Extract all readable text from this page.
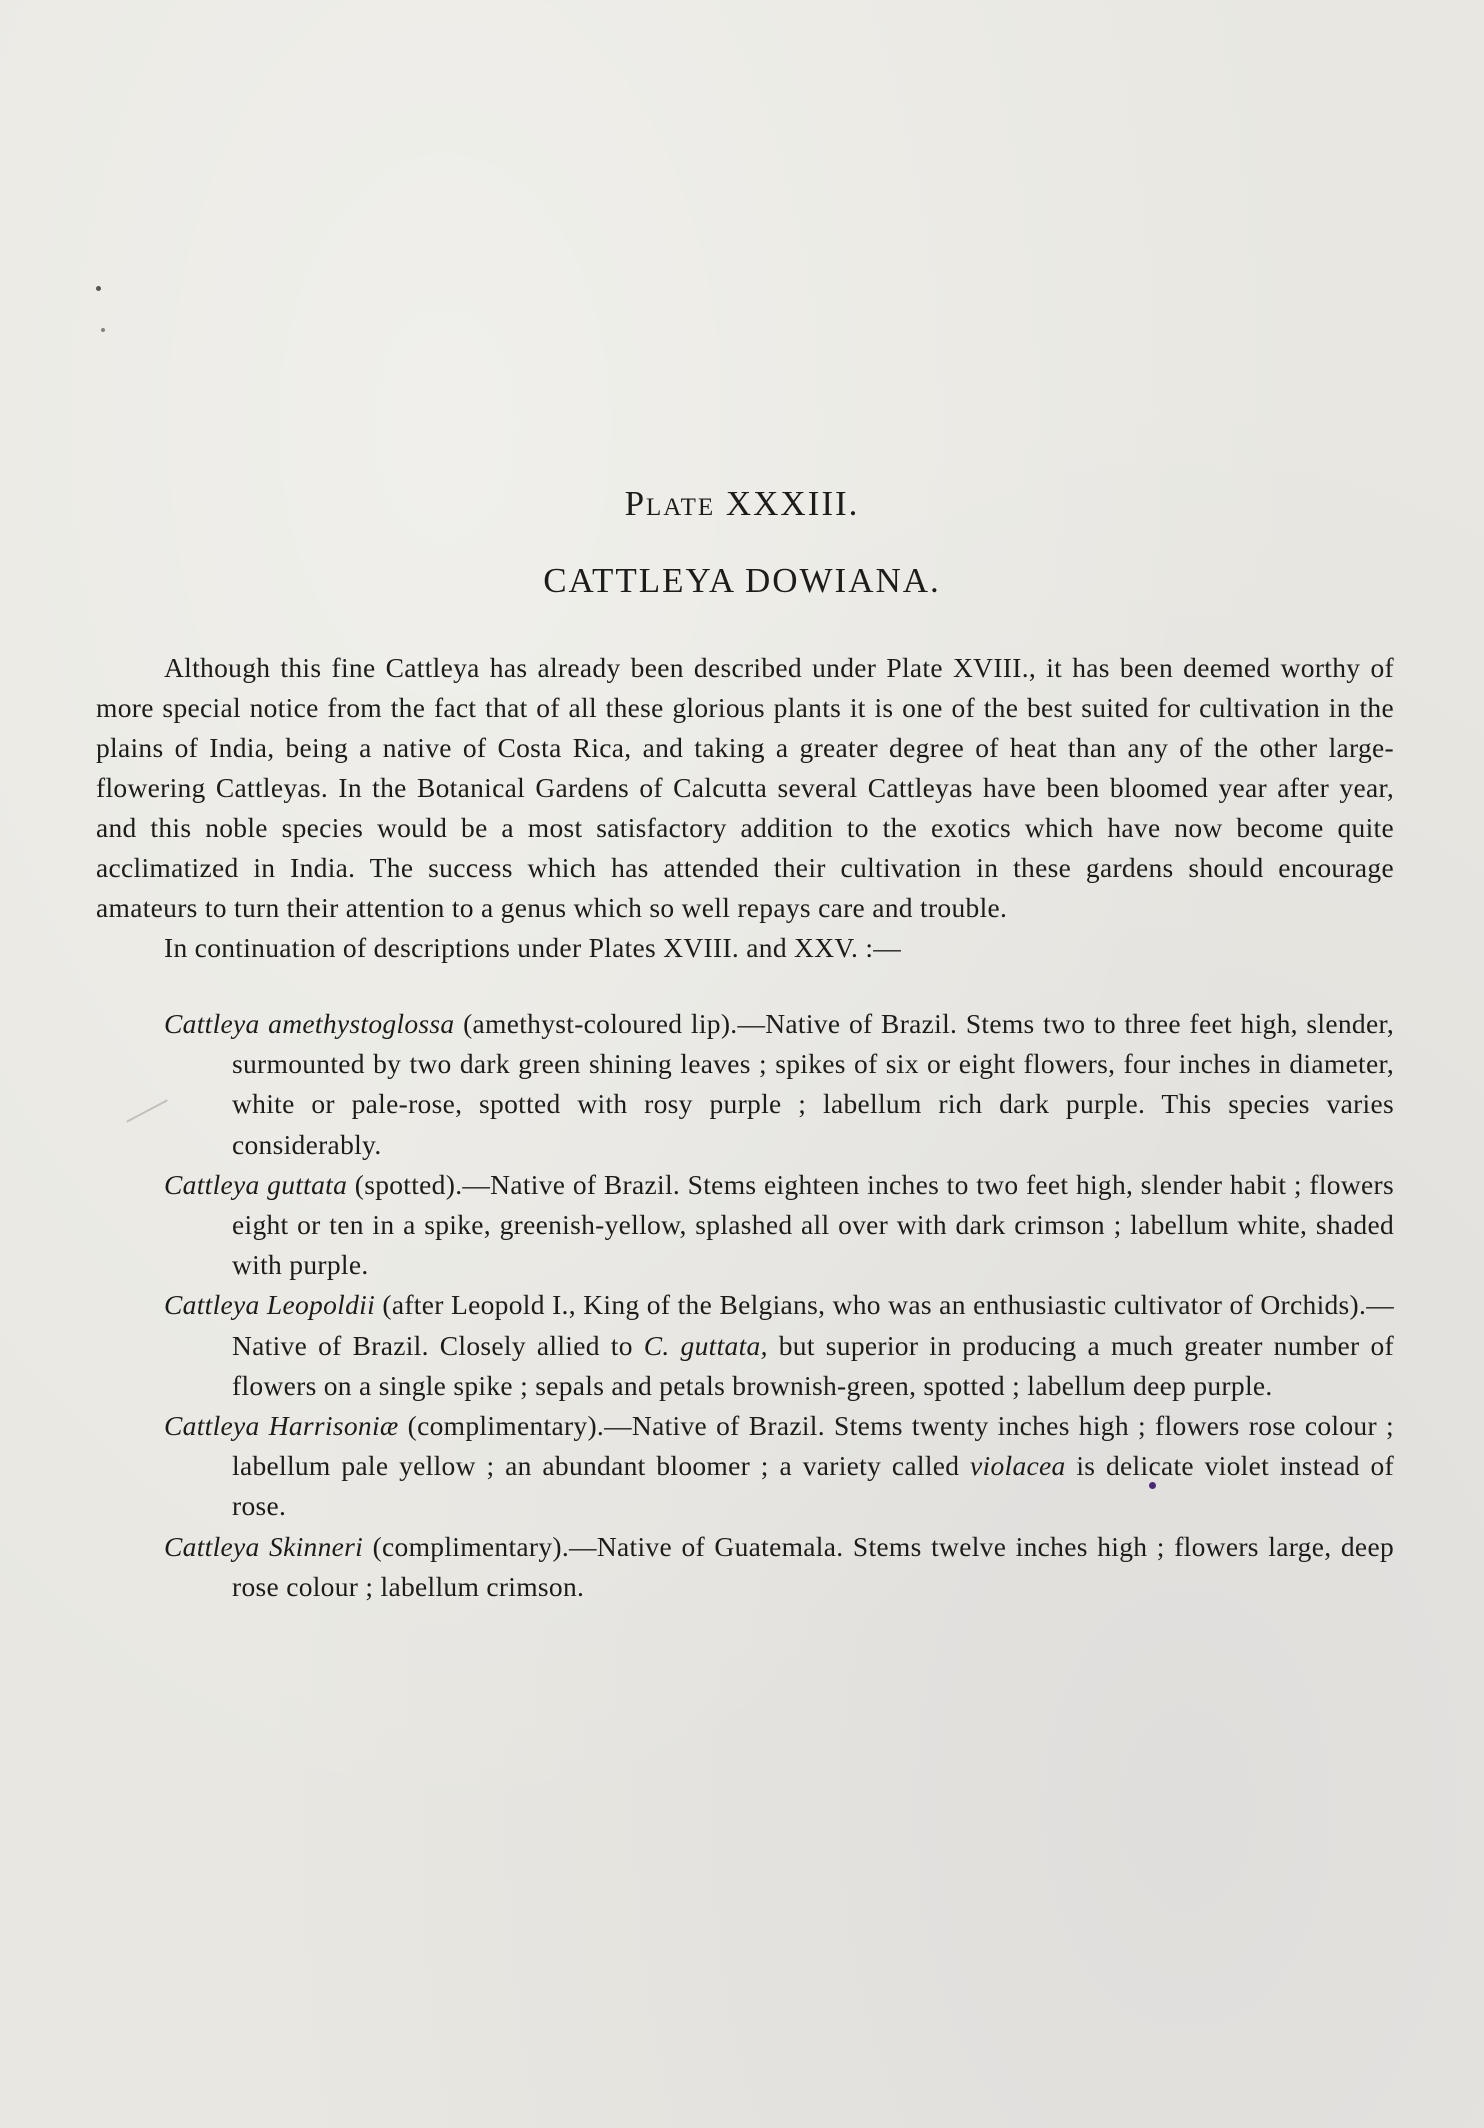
Plate XXXIII.
CATTLEYA DOWIANA.

Although this fine Cattleya has already been described under Plate XVIII., it has been deemed worthy of more special notice from the fact that of all these glorious plants it is one of the best suited for cultivation in the plains of India, being a native of Costa Rica, and taking a greater degree of heat than any of the other large-flowering Cattleyas. In the Botanical Gardens of Calcutta several Cattleyas have been bloomed year after year, and this noble species would be a most satisfactory addition to the exotics which have now become quite acclimatized in India. The success which has attended their cultivation in these gardens should encourage amateurs to turn their attention to a genus which so well repays care and trouble.

In continuation of descriptions under Plates XVIII. and XXV. :—

Cattleya amethystoglossa (amethyst-coloured lip).—Native of Brazil. Stems two to three feet high, slender, surmounted by two dark green shining leaves ; spikes of six or eight flowers, four inches in diameter, white or pale-rose, spotted with rosy purple ; labellum rich dark purple. This species varies considerably.

Cattleya guttata (spotted).—Native of Brazil. Stems eighteen inches to two feet high, slender habit ; flowers eight or ten in a spike, greenish-yellow, splashed all over with dark crimson ; labellum white, shaded with purple.

Cattleya Leopoldii (after Leopold I., King of the Belgians, who was an enthusiastic cultivator of Orchids).—Native of Brazil. Closely allied to C. guttata, but superior in producing a much greater number of flowers on a single spike ; sepals and petals brownish-green, spotted ; labellum deep purple.

Cattleya Harrisoniæ (complimentary).—Native of Brazil. Stems twenty inches high ; flowers rose colour ; labellum pale yellow ; an abundant bloomer ; a variety called violacea is delicate violet instead of rose.

Cattleya Skinneri (complimentary).—Native of Guatemala. Stems twelve inches high ; flowers large, deep rose colour ; labellum crimson.
